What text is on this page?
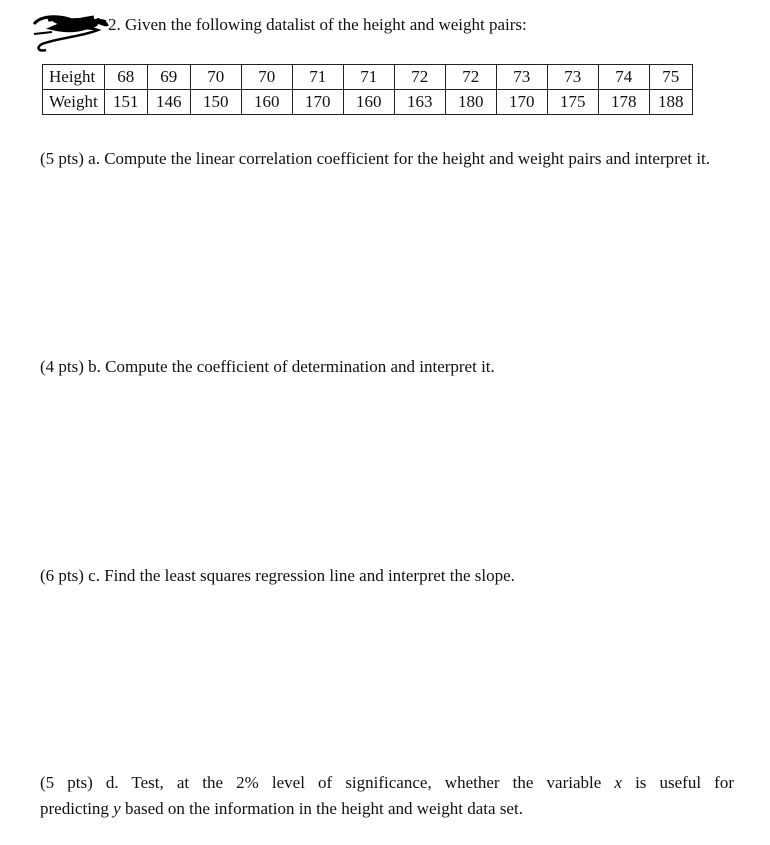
2. Given the following datalist of the height and weight pairs:
Height	68	69	70	70	71	71	72	72	73	73	74	75
Weight	151	146	150	160	170	160	163	180	170	175	178	188
(5 pts) a. Compute the linear correlation coefficient for the height and weight pairs and interpret it.
(4 pts) b. Compute the coefficient of determination and interpret it.
(6 pts) c. Find the least squares regression line and interpret the slope.
(5 pts) d. Test, at the 2% level of significance, whether the variable x is useful for
predicting y based on the information in the height and weight data set.
